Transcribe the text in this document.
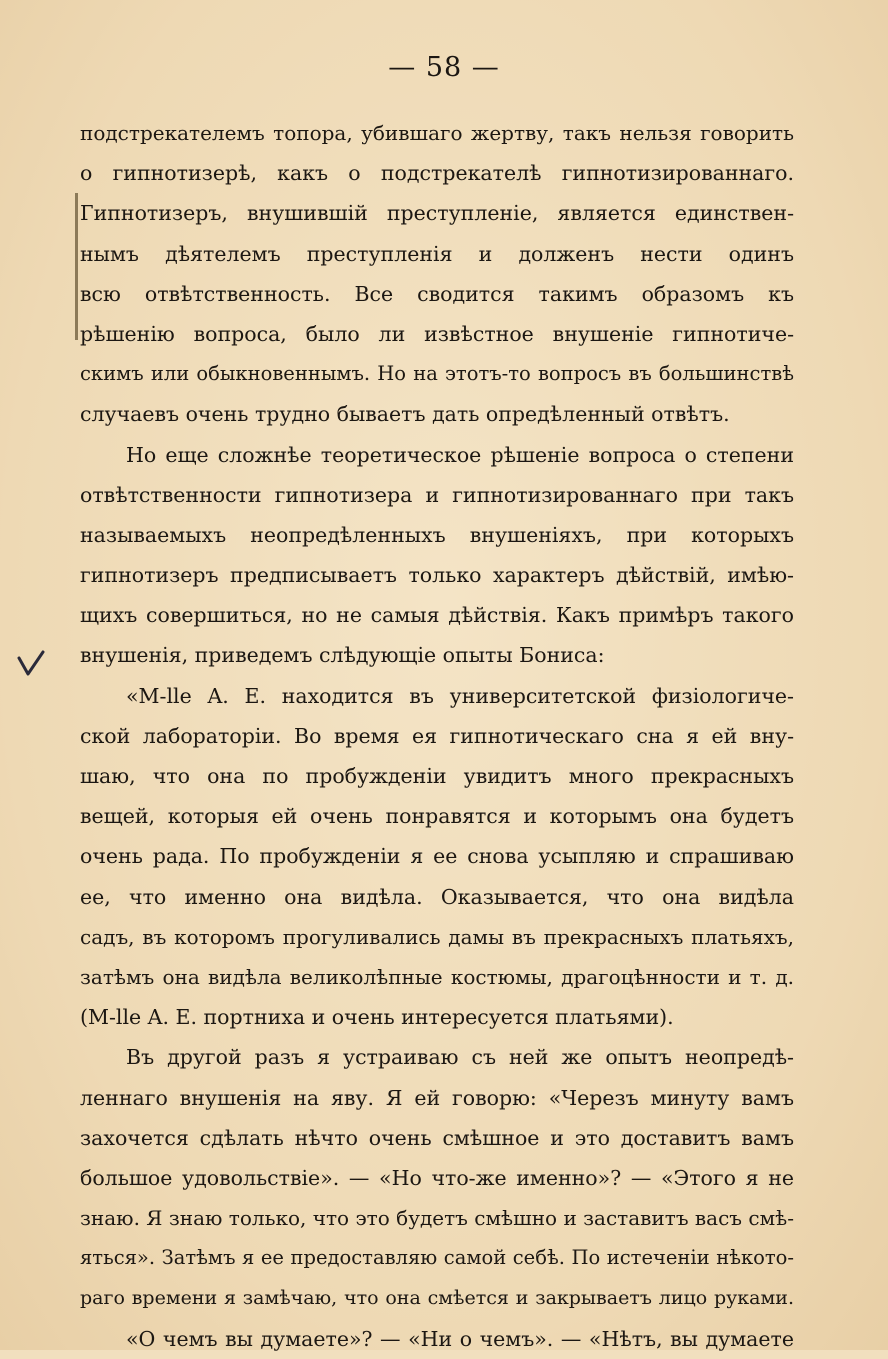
— 58 —
подстрекателемъ топора, убившаго жертву, такъ нельзя говорить
о гипнотизерѣ, какъ о подстрекателѣ гипнотизированнаго.
Гипнотизеръ, внушившій преступленіе, является единствен-
нымъ дѣятелемъ преступленія и долженъ нести одинъ
всю отвѣтственность. Все сводится такимъ образомъ къ
рѣшенію вопроса, было ли извѣстное внушеніе гипнотиче-
скимъ или обыкновеннымъ. Но на этотъ-то вопросъ въ большинствѣ
случаевъ очень трудно бываетъ дать опредѣленный отвѣтъ.
Но еще сложнѣе теоретическое рѣшеніе вопроса о степени
отвѣтственности гипнотизера и гипнотизированнаго при такъ
называемыхъ неопредѣленныхъ внушеніяхъ, при которыхъ
гипнотизеръ предписываетъ только характеръ дѣйствій, имѣю-
щихъ совершиться, но не самыя дѣйствія. Какъ примѣръ такого
внушенія, приведемъ слѣдующіе опыты Бониса:
«M-lle A. E. находится въ университетской физіологиче-
ской лабораторіи. Во время ея гипнотическаго сна я ей вну-
шаю, что она по пробужденіи увидитъ много прекрасныхъ
вещей, которыя ей очень понравятся и которымъ она будетъ
очень рада. По пробужденіи я ее снова усыпляю и спрашиваю
ее, что именно она видѣла. Оказывается, что она видѣла
садъ, въ которомъ прогуливались дамы въ прекрасныхъ платьяхъ,
затѣмъ она видѣла великолѣпные костюмы, драгоцѣнности и т. д.
(M-lle A. E. портниха и очень интересуется платьями).
Въ другой разъ я устраиваю съ ней же опытъ неопредѣ-
леннаго внушенія на яву. Я ей говорю: «Черезъ минуту вамъ
захочется сдѣлать нѣчто очень смѣшное и это доставитъ вамъ
большое удовольствіе». — «Но что-же именно»? — «Этого я не
знаю. Я знаю только, что это будетъ смѣшно и заставитъ васъ смѣ-
яться». Затѣмъ я ее предоставляю самой себѣ. По истеченіи нѣкото-
раго времени я замѣчаю, что она смѣется и закрываетъ лицо руками.
«О чемъ вы думаете»? — «Ни о чемъ». — «Нѣтъ, вы думаете
